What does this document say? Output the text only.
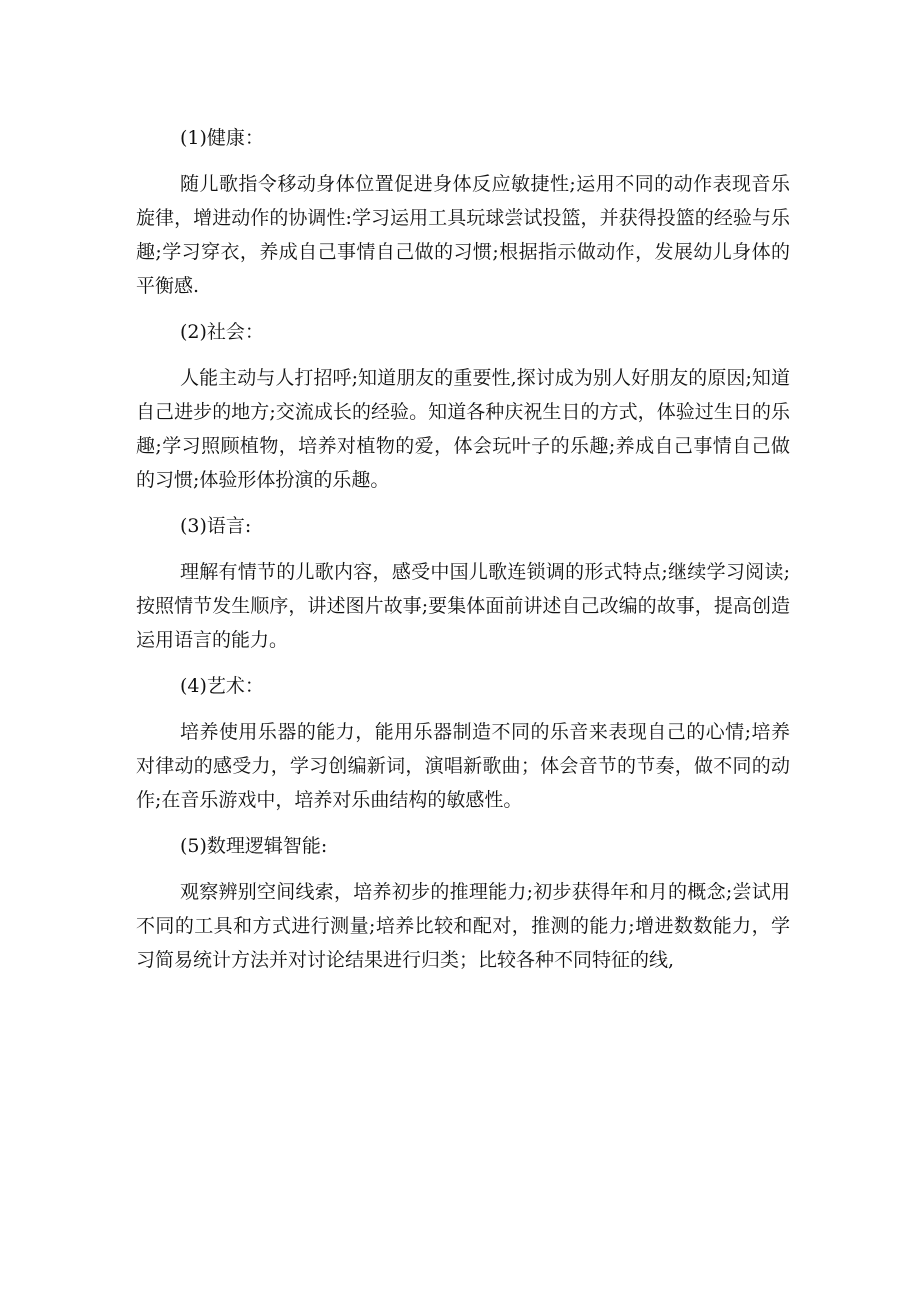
(1)健康：

随儿歌指令移动身体位置促进身体反应敏捷性;运用不同的动作表现音乐旋律，增进动作的协调性:学习运用工具玩球尝试投篮，并获得投篮的经验与乐趣;学习穿衣，养成自己事情自己做的习惯;根据指示做动作，发展幼儿身体的平衡感.

(2)社会：

人能主动与人打招呼;知道朋友的重要性,探讨成为别人好朋友的原因;知道自己进步的地方;交流成长的经验。知道各种庆祝生日的方式，体验过生日的乐趣;学习照顾植物，培养对植物的爱，体会玩叶子的乐趣;养成自己事情自己做的习惯;体验形体扮演的乐趣。

(3)语言:

理解有情节的儿歌内容，感受中国儿歌连锁调的形式特点;继续学习阅读;按照情节发生顺序，讲述图片故事;要集体面前讲述自己改编的故事，提高创造运用语言的能力。

(4)艺术：

培养使用乐器的能力，能用乐器制造不同的乐音来表现自己的心情;培养对律动的感受力，学习创编新词，演唱新歌曲；体会音节的节奏，做不同的动作;在音乐游戏中，培养对乐曲结构的敏感性。

(5)数理逻辑智能:

观察辨别空间线索，培养初步的推理能力;初步获得年和月的概念;尝试用不同的工具和方式进行测量;培养比较和配对，推测的能力;增进数数能力，学习简易统计方法并对讨论结果进行归类；比较各种不同特征的线,
